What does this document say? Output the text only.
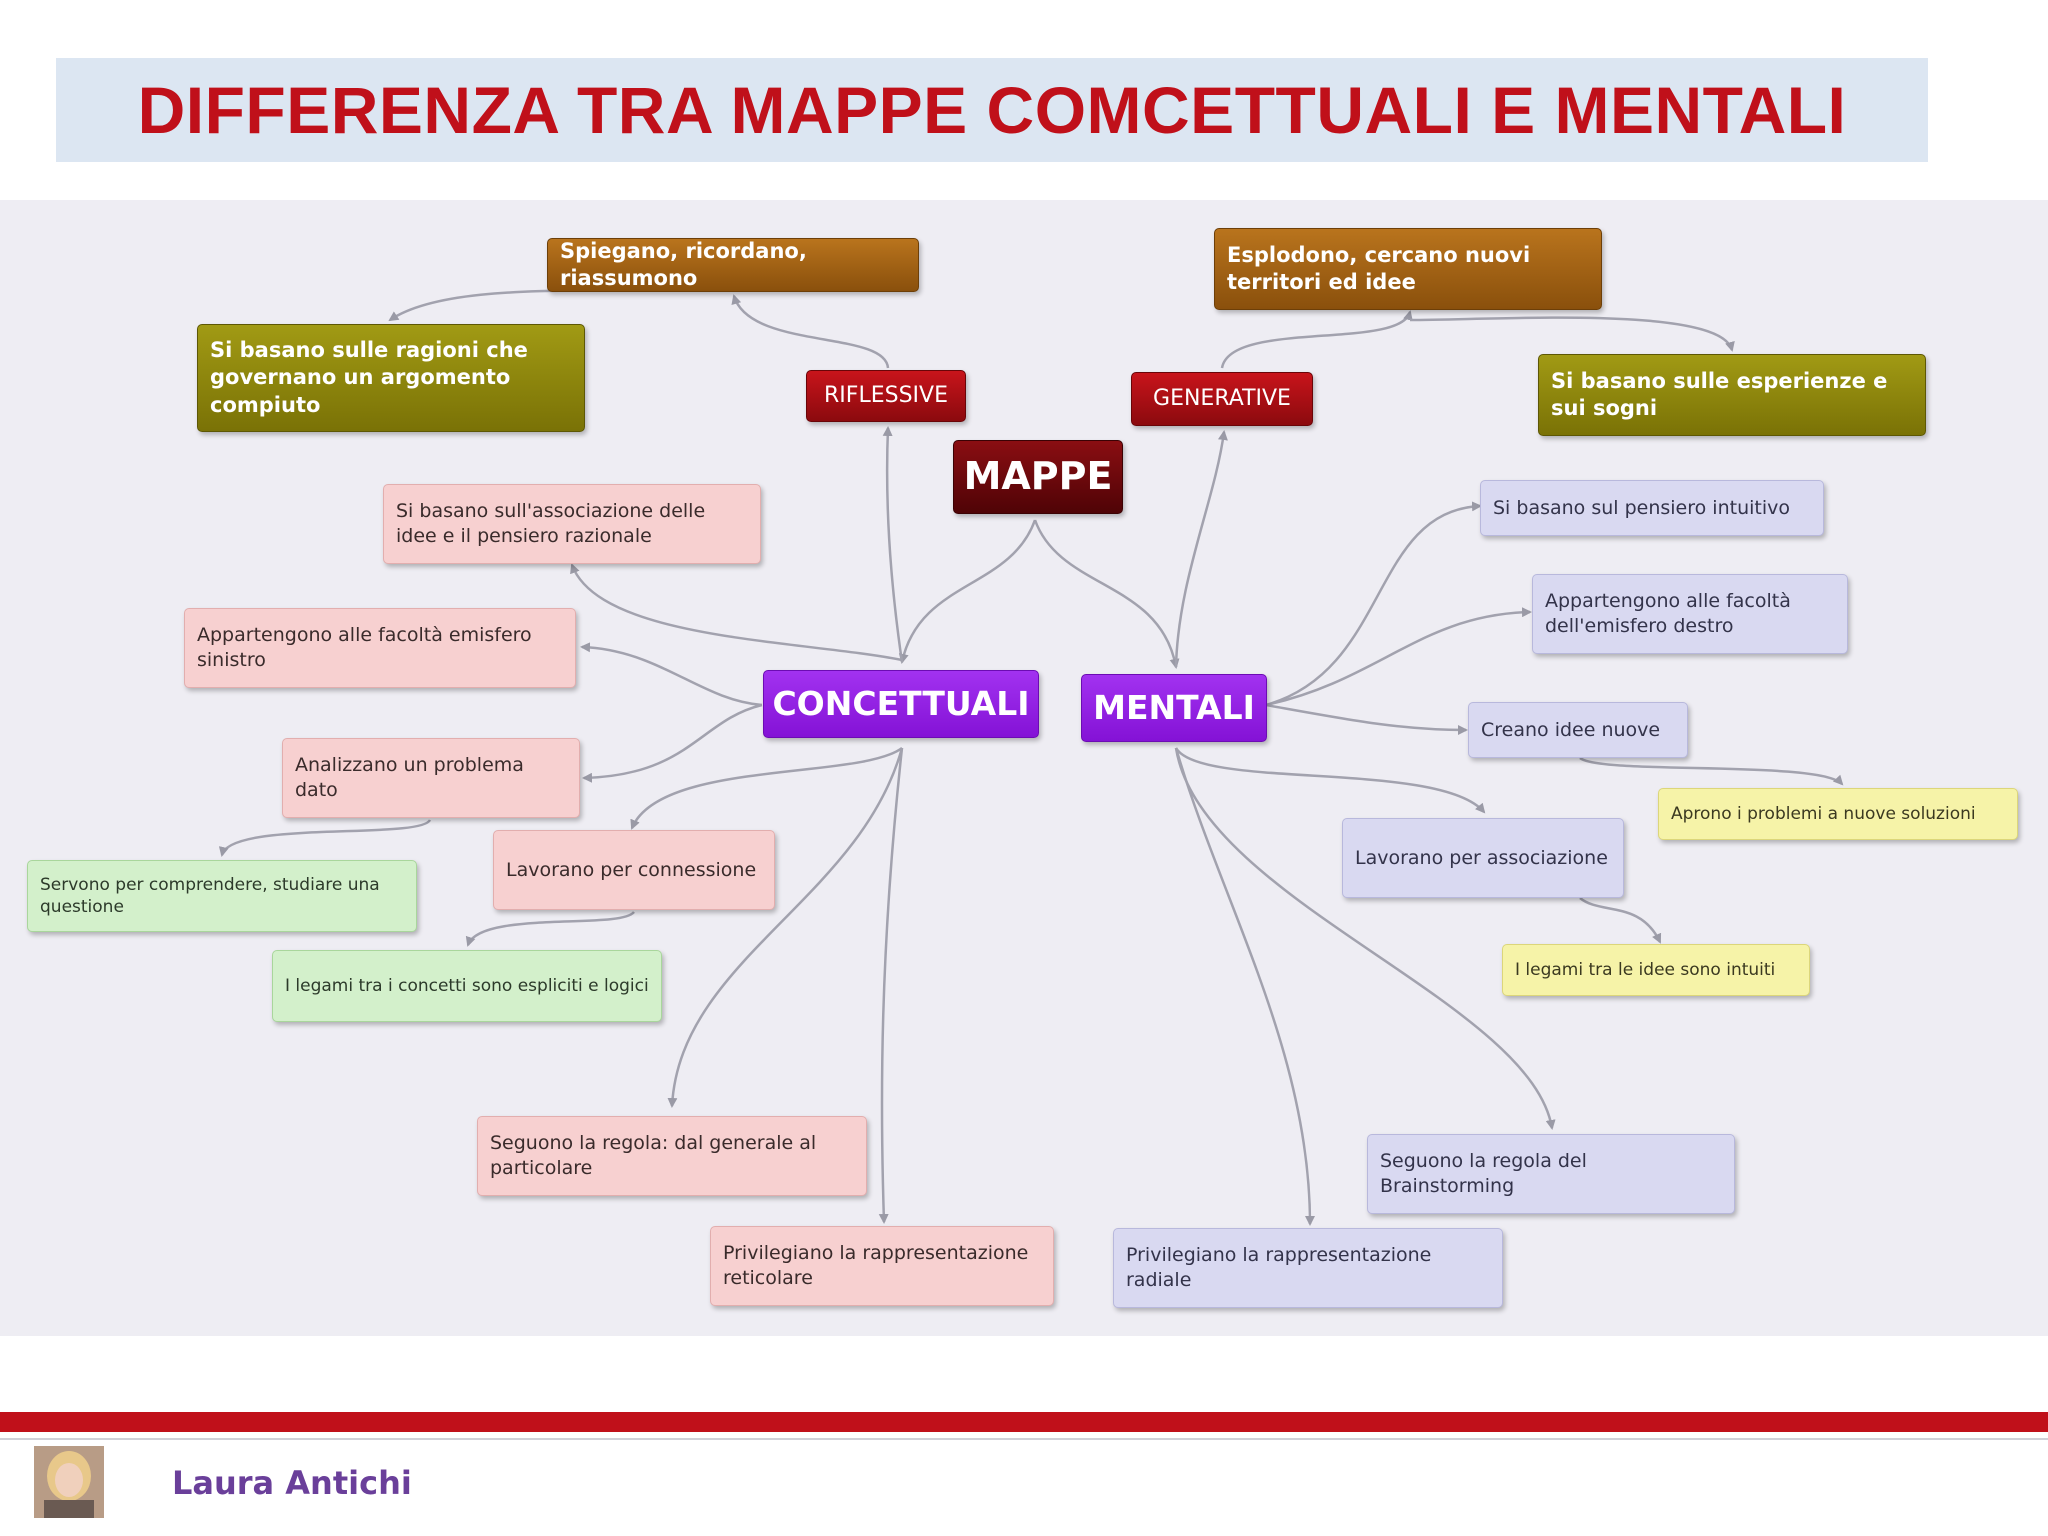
DIFFERENZA TRA MAPPE COMCETTUALI E MENTALI
Spiegano, ricordano, riassumono
Esplodono, cercano nuovi territori ed idee
Si basano sulle ragioni che governano un argomento compiuto
Si basano sulle esperienze e sui sogni
RIFLESSIVE	GENERATIVE
MAPPE
CONCETTUALI	MENTALI
Si basano sull'associazione delle idee e il pensiero razionale
Appartengono alle facoltà emisfero sinistro
Analizzano un problema dato
Servono per comprendere, studiare una questione
Lavorano per connessione
I legami tra i concetti sono espliciti e logici
Seguono la regola: dal generale al particolare
Privilegiano la rappresentazione reticolare
Si basano sul pensiero intuitivo
Appartengono alle facoltà dell'emisfero destro
Creano idee nuove
Aprono i problemi a nuove soluzioni
Lavorano per associazione
I legami tra le idee sono intuiti
Seguono la regola del Brainstorming
Privilegiano la rappresentazione radiale
Laura Antichi
